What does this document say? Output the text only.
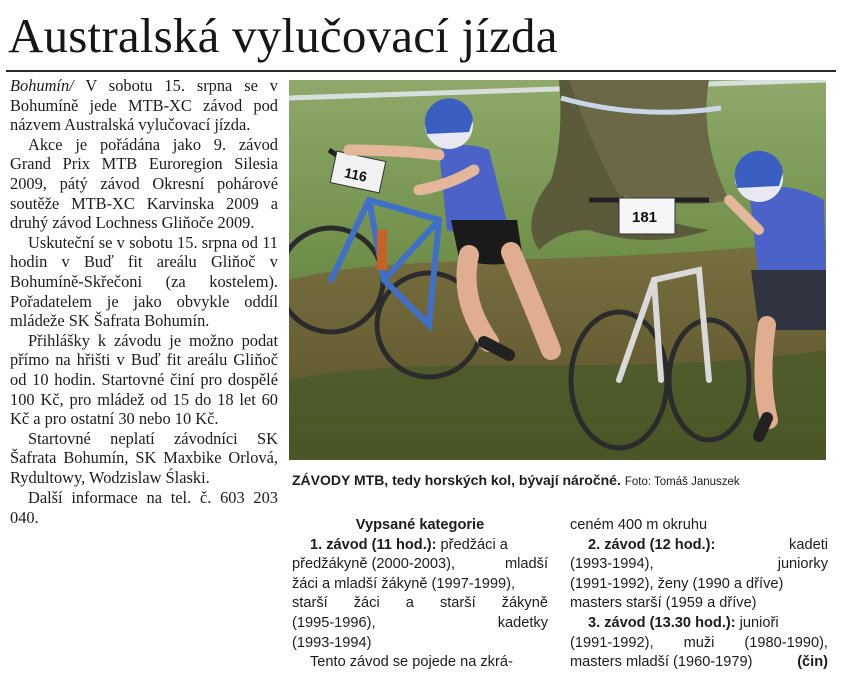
Australská vylučovací jízda

Bohumín/ V sobotu 15. srpna se v Bohumíně jede MTB-XC závod pod názvem Australská vylučovací jízda.

Akce je pořádána jako 9. závod Grand Prix MTB Euroregion Silesia 2009, pátý závod Okresní pohárové soutěže MTB-XC Karvinska 2009 a druhý závod Lochness Gliňoče 2009.

Uskuteční se v sobotu 15. srpna od 11 hodin v Buď fit areálu Gliňoč v Bohumíně-Skřečoni (za kostelem). Pořadatelem je jako obvykle oddíl mládeže SK Šafrata Bohumín.

Přihlášky k závodu je možno podat přímo na hřišti v Buď fit areálu Gliňoč od 10 hodin. Startovné činí pro dospělé 100 Kč, pro mládež od 15 do 18 let 60 Kč a pro ostatní 30 nebo 10 Kč.

Startovné neplatí závodníci SK Šafrata Bohumín, SK Maxbike Orlová, Rydultowy, Wodzislaw Ślaski.

Další informace na tel. č. 603 203 040.

116
181
ZÁVODY MTB, tedy horských kol, bývají náročné. Foto: Tomáš Januszek
Vypsané kategorie
1. závod (11 hod.): předžáci a
předžákyně (2000-2003),	mladší
žáci a mladší žákyně (1997-1999),
starší žáci a starší žákyně
(1995-1996),	kadetky
(1993-1994)
Tento závod se pojede na zkrá-
ceném 400 m okruhu
2. závod (12 hod.):	kadeti
(1993-1994),	juniorky
(1991-1992), ženy (1990 a dříve)
masters starší (1959 a dříve)
3. závod (13.30 hod.): junioři
(1991-1992), muži (1980-1990),
masters mladší (1960-1979)	(čin)
